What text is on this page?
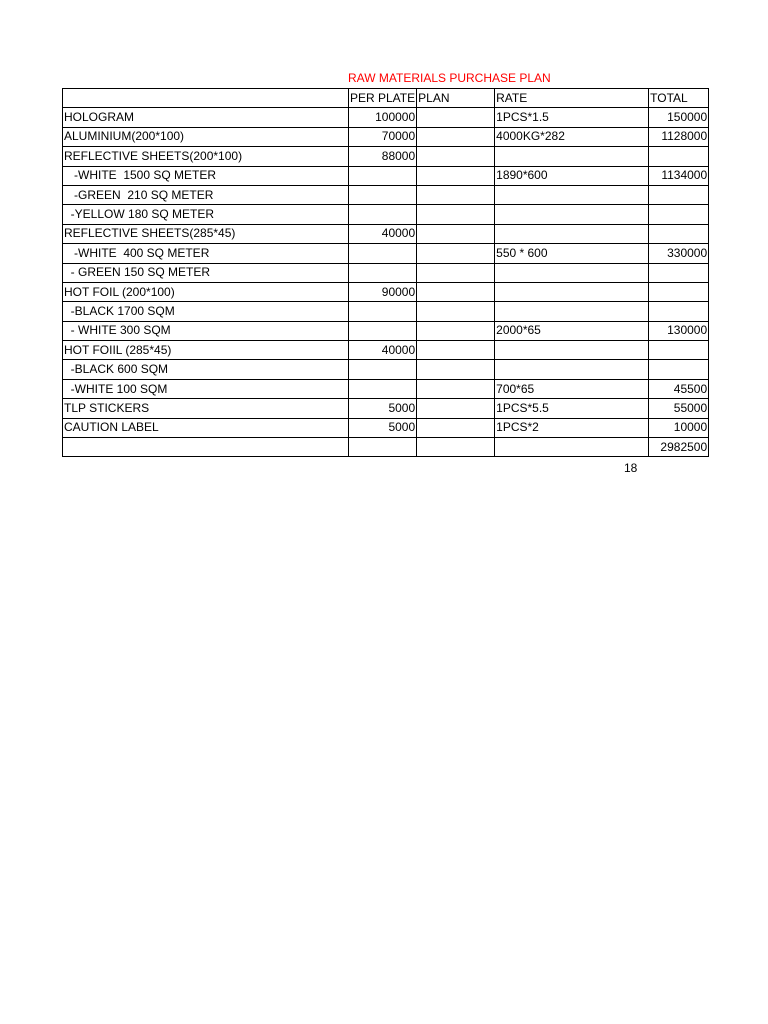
RAW MATERIALS PURCHASE PLAN
	PER PLATE	PLAN	RATE	TOTAL
HOLOGRAM	100000		1PCS*1.5	150000
ALUMINIUM(200*100)	70000		4000KG*282	1128000
REFLECTIVE SHEETS(200*100)	88000			
-WHITE  1500 SQ METER			1890*600	1134000
-GREEN  210 SQ METER				
-YELLOW 180 SQ METER				
REFLECTIVE SHEETS(285*45)	40000			
-WHITE  400 SQ METER			550 * 600	330000
- GREEN 150 SQ METER				
HOT FOIL (200*100)	90000			
-BLACK 1700 SQM				
- WHITE 300 SQM			2000*65	130000
HOT FOIIL (285*45)	40000			
-BLACK 600 SQM				
-WHITE 100 SQM			700*65	45500
TLP STICKERS	5000		1PCS*5.5	55000
CAUTION LABEL	5000		1PCS*2	10000
				2982500
18
